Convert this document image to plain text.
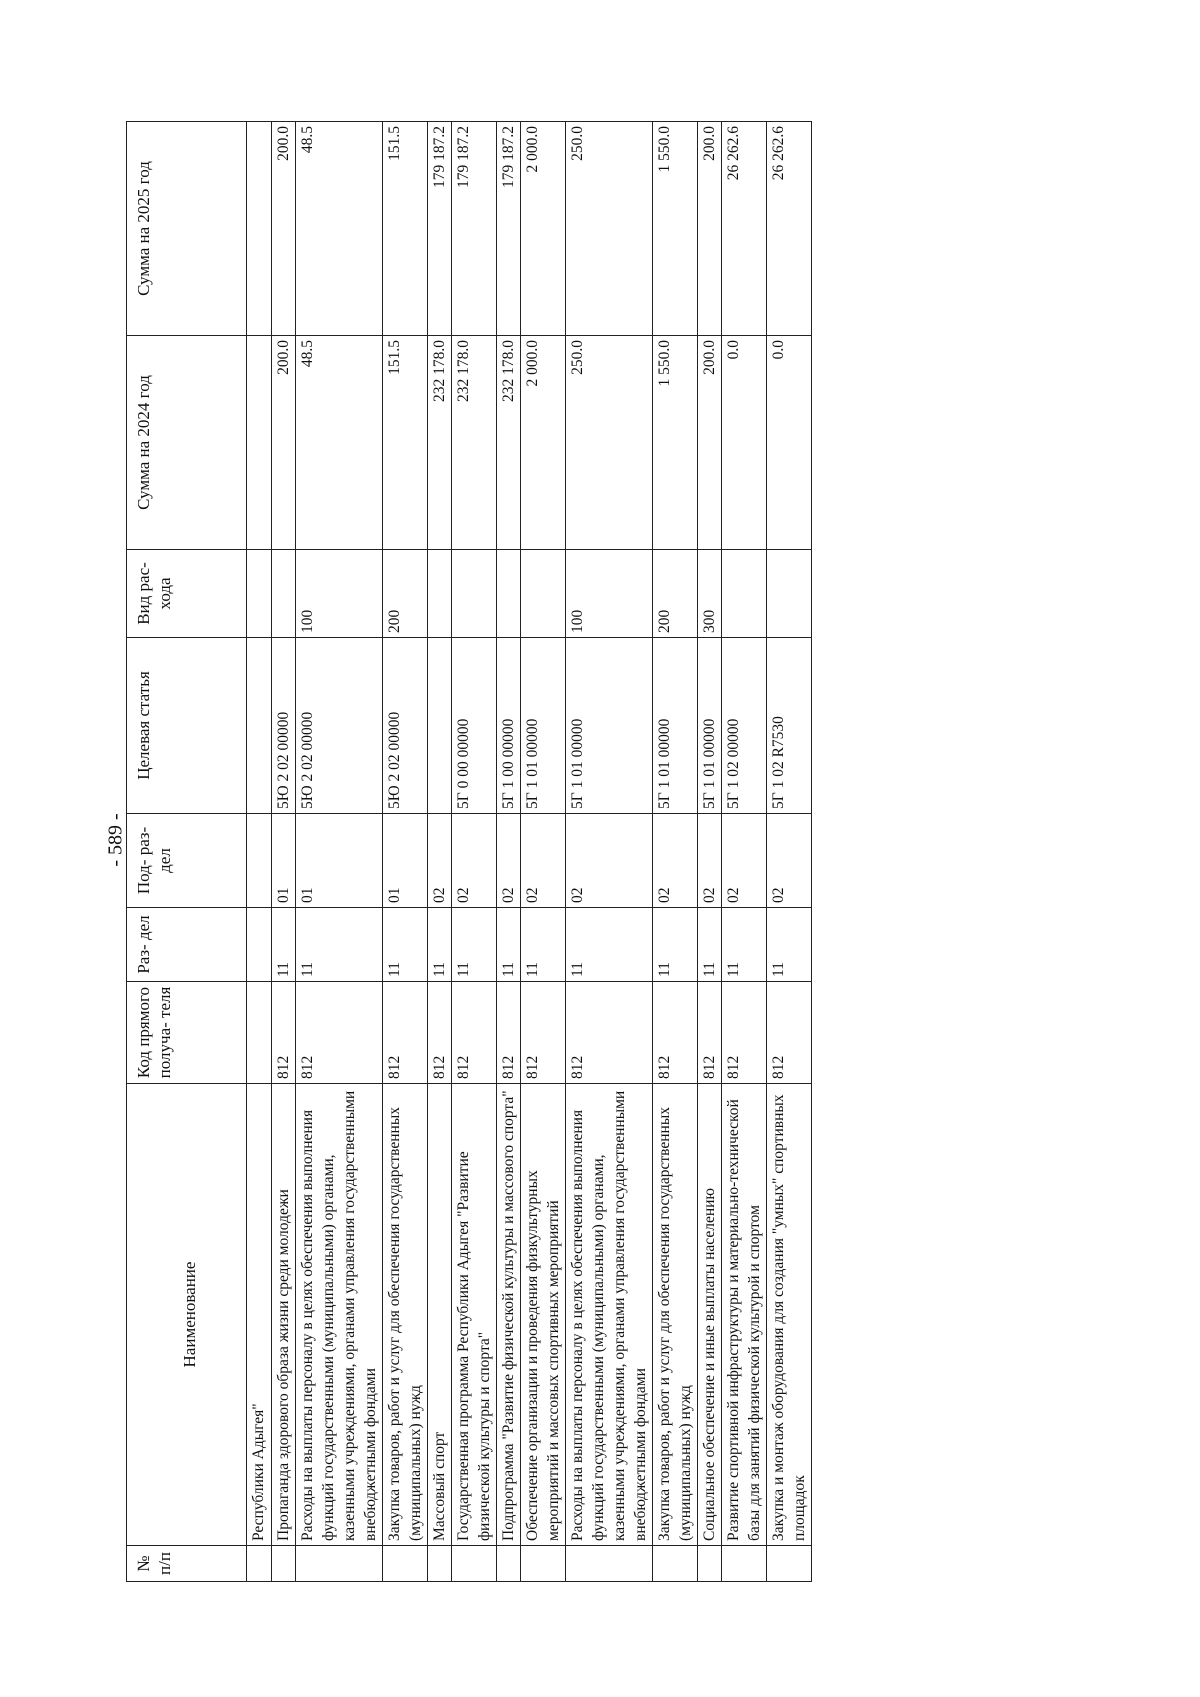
- 589 -
№ п/п	Наименование	Код прямого получа- теля	Раз- дел	Под- раз- дел	Целевая статья	Вид рас- хода	Сумма на 2024 год	Сумма на 2025 год
	Республики Адыгея"							
	Пропаганда здорового образа жизни среди молодежи	812	11	01	5Ю 2 02 00000		200.0	200.0
	Расходы на выплаты персоналу в целях обеспечения выполнения функций государственными (муниципальными) органами, казенными учреждениями, органами управления государственными внебюджетными фондами	812	11	01	5Ю 2 02 00000	100	48.5	48.5
	Закупка товаров, работ и услуг для обеспечения государственных (муниципальных) нужд	812	11	01	5Ю 2 02 00000	200	151.5	151.5
	Массовый спорт	812	11	02			232 178.0	179 187.2
	Государственная программа Республики Адыгея "Развитие физической культуры и спорта"	812	11	02	5Г 0 00 00000		232 178.0	179 187.2
	Подпрограмма "Развитие физической культуры и массового спорта"	812	11	02	5Г 1 00 00000		232 178.0	179 187.2
	Обеспечение организации и проведения физкультурных мероприятий и массовых спортивных мероприятий	812	11	02	5Г 1 01 00000		2 000.0	2 000.0
	Расходы на выплаты персоналу в целях обеспечения выполнения функций государственными (муниципальными) органами, казенными учреждениями, органами управления государственными внебюджетными фондами	812	11	02	5Г 1 01 00000	100	250.0	250.0
	Закупка товаров, работ и услуг для обеспечения государственных (муниципальных) нужд	812	11	02	5Г 1 01 00000	200	1 550.0	1 550.0
	Социальное обеспечение и иные выплаты населению	812	11	02	5Г 1 01 00000	300	200.0	200.0
	Развитие спортивной инфраструктуры и материально-технической базы для занятий физической культурой и спортом	812	11	02	5Г 1 02 00000		0.0	26 262.6
	Закупка и монтаж оборудования для создания "умных" спортивных площадок	812	11	02	5Г 1 02 R7530		0.0	26 262.6
